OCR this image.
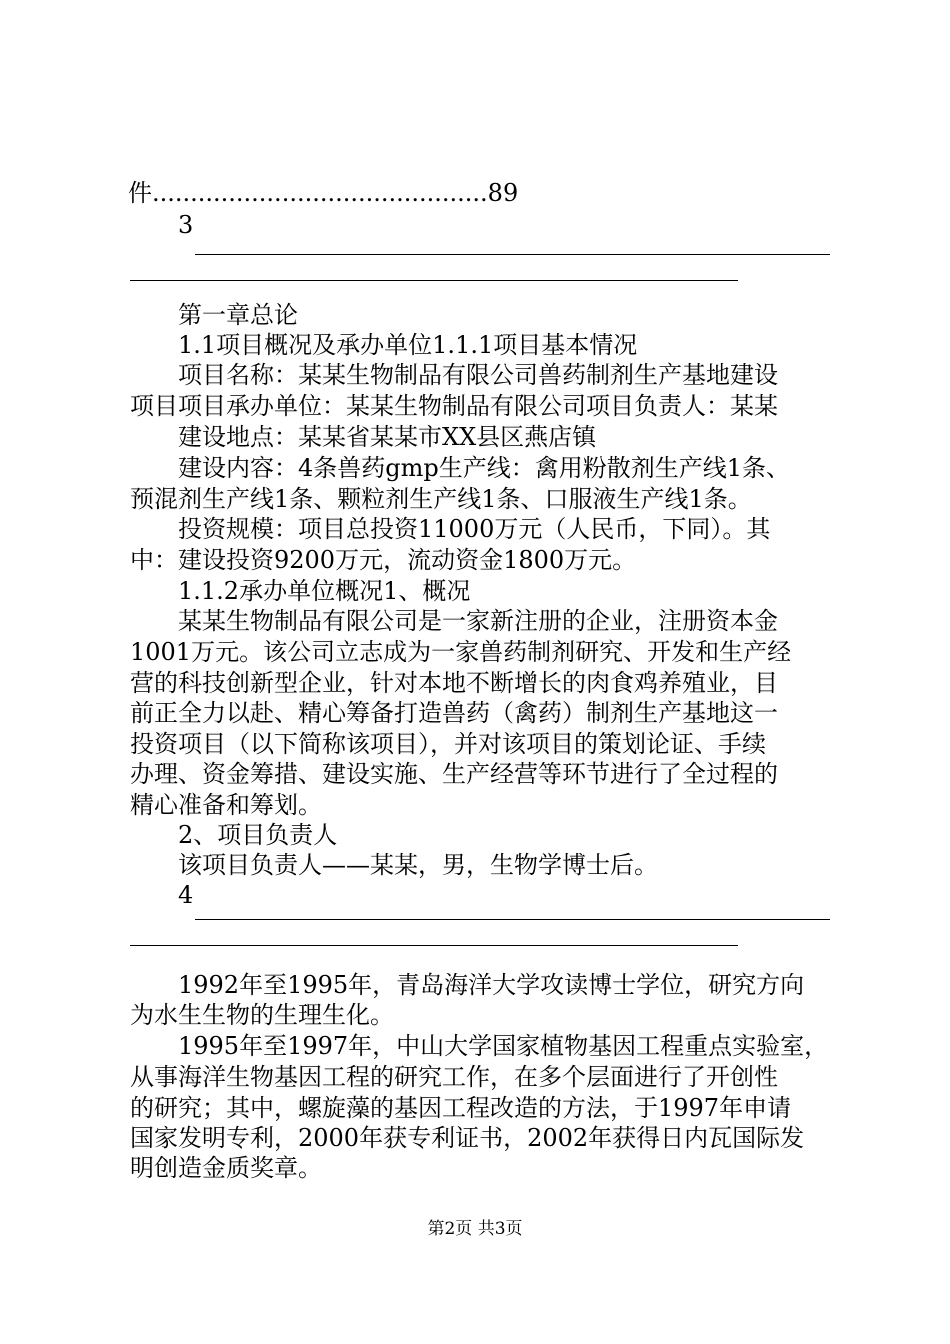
件............................................89
3
第一章总论
1.1项目概况及承办单位1.1.1项目基本情况
项目名称：某某生物制品有限公司兽药制剂生产基地建设
项目项目承办单位：某某生物制品有限公司项目负责人：某某
建设地点：某某省某某市XX县区燕店镇
建设内容：4条兽药gmp生产线：禽用粉散剂生产线1条、
预混剂生产线1条、颗粒剂生产线1条、口服液生产线1条。
投资规模：项目总投资11000万元（人民币，下同）。其
中：建设投资9200万元，流动资金1800万元。
1.1.2承办单位概况1、概况
某某生物制品有限公司是一家新注册的企业，注册资本金
1001万元。该公司立志成为一家兽药制剂研究、开发和生产经
营的科技创新型企业，针对本地不断增长的肉食鸡养殖业，目
前正全力以赴、精心筹备打造兽药（禽药）制剂生产基地这一
投资项目（以下简称该项目），并对该项目的策划论证、手续
办理、资金筹措、建设实施、生产经营等环节进行了全过程的
精心准备和筹划。
2、项目负责人
该项目负责人——某某，男，生物学博士后。
4
1992年至1995年，青岛海洋大学攻读博士学位，研究方向
为水生生物的生理生化。
1995年至1997年，中山大学国家植物基因工程重点实验室，
从事海洋生物基因工程的研究工作，在多个层面进行了开创性
的研究；其中，螺旋藻的基因工程改造的方法，于1997年申请
国家发明专利，2000年获专利证书，2002年获得日内瓦国际发
明创造金质奖章。
第2页 共3页
